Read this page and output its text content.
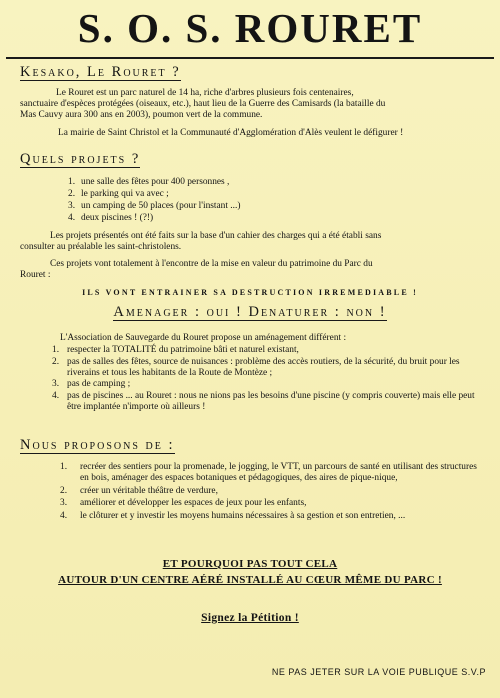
S. O. S. ROURET
Kesako, Le Rouret ?
Le Rouret est un parc naturel de 14 ha, riche d'arbres plusieurs fois centenaires,
sanctuaire d'espèces protégées (oiseaux, etc.), haut lieu de la Guerre des Camisards (la bataille du
Mas Cauvy aura 300 ans en 2003), poumon vert de la commune.
La mairie de Saint Christol et la Communauté d'Agglomération d'Alès veulent le défigurer !
Quels projets ?
1. une salle des fêtes pour 400 personnes ,
2. le parking qui va avec ;
3. un camping de 50 places (pour l'instant ...)
4. deux piscines ! (?!)
Les projets présentés ont été faits sur la base d'un cahier des charges qui a été établi sans
consulter au préalable les saint-christolens.
Ces projets vont totalement à l'encontre de la mise en valeur du patrimoine du Parc du
Rouret :
ILS VONT ENTRAINER SA DESTRUCTION IRREMEDIABLE !
Amenager : oui ! Denaturer : non !
L'Association de Sauvegarde du Rouret propose un aménagement différent :
1. respecter la TOTALITÉ du patrimoine bâti et naturel existant,
2. pas de salles des fêtes, source de nuisances : problème des accès routiers, de la sécurité, du bruit pour les riverains et tous les habitants de la Route de Montèze ;
3. pas de camping ;
4. pas de piscines ... au Rouret : nous ne nions pas les besoins d'une piscine (y compris couverte) mais elle peut être implantée n'importe où ailleurs !
Nous proposons de :
1.	recréer des sentiers pour la promenade, le jogging, le VTT, un parcours de santé en utilisant des structures en bois, aménager des espaces botaniques et pédagogiques, des aires de pique-nique,
2.	créer un véritable théâtre de verdure,
3.	améliorer et développer les espaces de jeux pour les enfants,
4.	le clôturer et y investir les moyens humains nécessaires à sa gestion et son entretien, ...
ET POURQUOI PAS TOUT CELA
AUTOUR D'UN CENTRE AÉRÉ INSTALLÉ AU CŒUR MÊME DU PARC !
Signez la Pétition !
NE PAS JETER SUR LA VOIE PUBLIQUE S.V.P
